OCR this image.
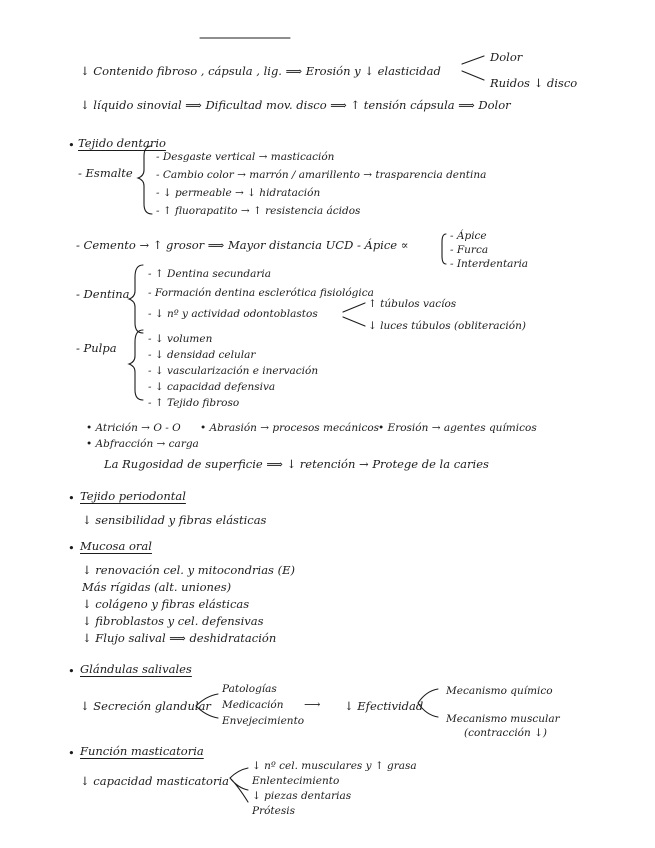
↓ Contenido fibroso , cápsula , lig. ⟹ Erosión y ↓ elasticidad
Dolor
Ruidos ↓ disco
↓ líquido sinovial ⟹ Dificultad mov. disco ⟹ ↑ tensión cápsula ⟹ Dolor
• Tejido dentario
- Esmalte
- Desgaste vertical → masticación
- Cambio color → marrón / amarillento → trasparencia dentina
- ↓ permeable → ↓ hidratación
- ↑ fluorapatito → ↑ resistencia ácidos
- Cemento → ↑ grosor ⟹ Mayor distancia UCD - Ápice ∝
- Ápice
- Furca
- Interdentaria
- Dentina
- ↑ Dentina secundaria
- Formación dentina esclerótica fisiológica
- ↓ nº y actividad odontoblastos
↑ túbulos vacíos
↓ luces túbulos (obliteración)
- Pulpa
- ↓ volumen
- ↓ densidad celular
- ↓ vascularización e inervación
- ↓ capacidad defensiva
- ↑ Tejido fibroso
• Atrición → O - O • Abrasión → procesos mecánicos
• Erosión → agentes químicos
• Abfracción → carga
La Rugosidad de superficie ⟹ ↓ retención → Protege de la caries
• Tejido periodontal
↓ sensibilidad y fibras elásticas
• Mucosa oral
↓ renovación cel. y mitocondrias (E)
Más rígidas (alt. uniones)
↓ colágeno y fibras elásticas
↓ fibroblastos y cel. defensivas
↓ Flujo salival ⟹ deshidratación
• Glándulas salivales
↓ Secreción glandular
Patologías
Medicación
Envejecimiento
⟶ ↓ Efectividad
Mecanismo químico
Mecanismo muscular
(contracción ↓)
• Función masticatoria
↓ capacidad masticatoria
↓ nº cel. musculares y ↑ grasa
Enlentecimiento
↓ piezas dentarias
Prótesis
